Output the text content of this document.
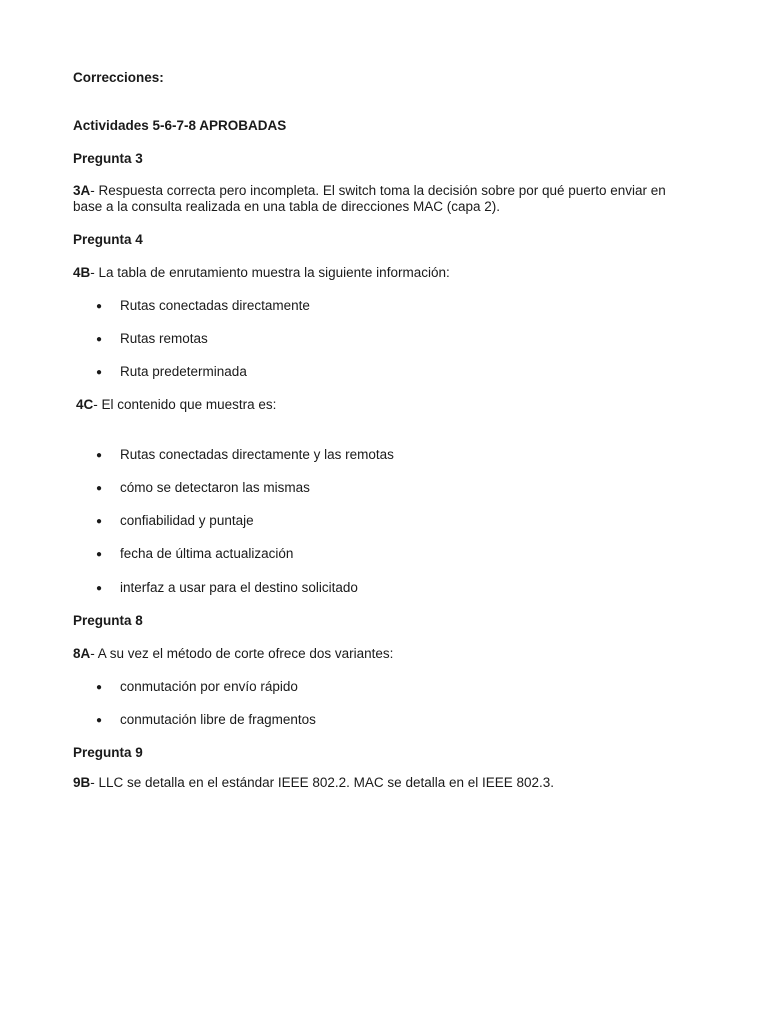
Correcciones:
Actividades 5-6-7-8 APROBADAS
Pregunta 3
3A- Respuesta correcta pero incompleta. El switch toma la decisión sobre por qué puerto enviar en base a la consulta realizada en una tabla de direcciones MAC (capa 2).
Pregunta 4
4B- La tabla de enrutamiento muestra la siguiente información:
● Rutas conectadas directamente
● Rutas remotas
● Ruta predeterminada
4C- El contenido que muestra es:
● Rutas conectadas directamente y las remotas
● cómo se detectaron las mismas
● confiabilidad y puntaje
● fecha de última actualización
● interfaz a usar para el destino solicitado
Pregunta 8
8A- A su vez el método de corte ofrece dos variantes:
● conmutación por envío rápido
● conmutación libre de fragmentos
Pregunta 9
9B- LLC se detalla en el estándar IEEE 802.2. MAC se detalla en el IEEE 802.3.
